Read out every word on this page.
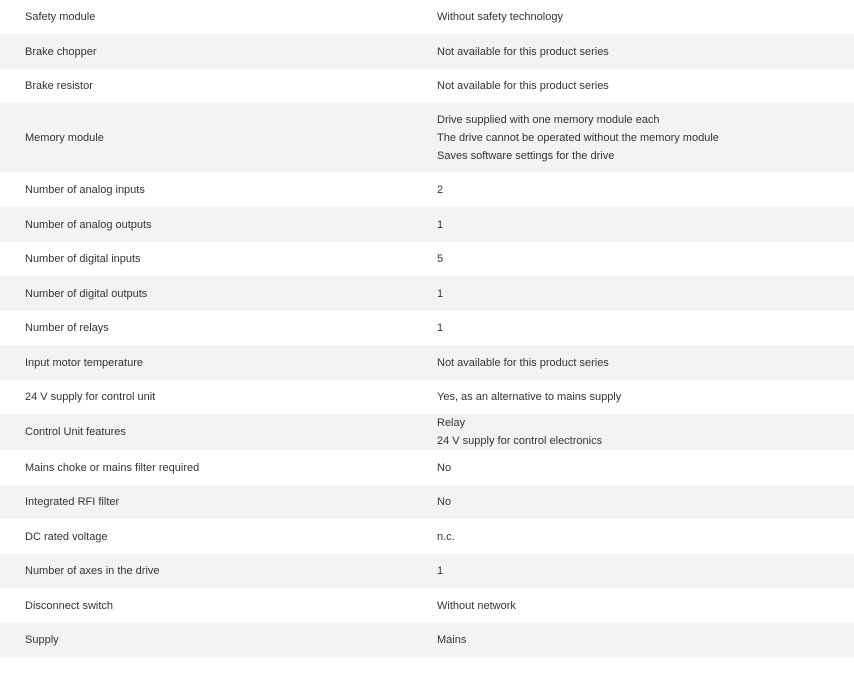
Safety module	Without safety technology

Brake chopper	Not available for this product series

Brake resistor	Not available for this product series

Memory module	Drive supplied with one memory module each
The drive cannot be operated without the memory module
Saves software settings for the drive

Number of analog inputs	2

Number of analog outputs	1

Number of digital inputs	5

Number of digital outputs	1

Number of relays	1

Input motor temperature	Not available for this product series

24 V supply for control unit	Yes, as an alternative to mains supply

Control Unit features	Relay
24 V supply for control electronics

Mains choke or mains filter required	No

Integrated RFI filter	No

DC rated voltage	n.c.

Number of axes in the drive	1

Disconnect switch	Without network

Supply	Mains
